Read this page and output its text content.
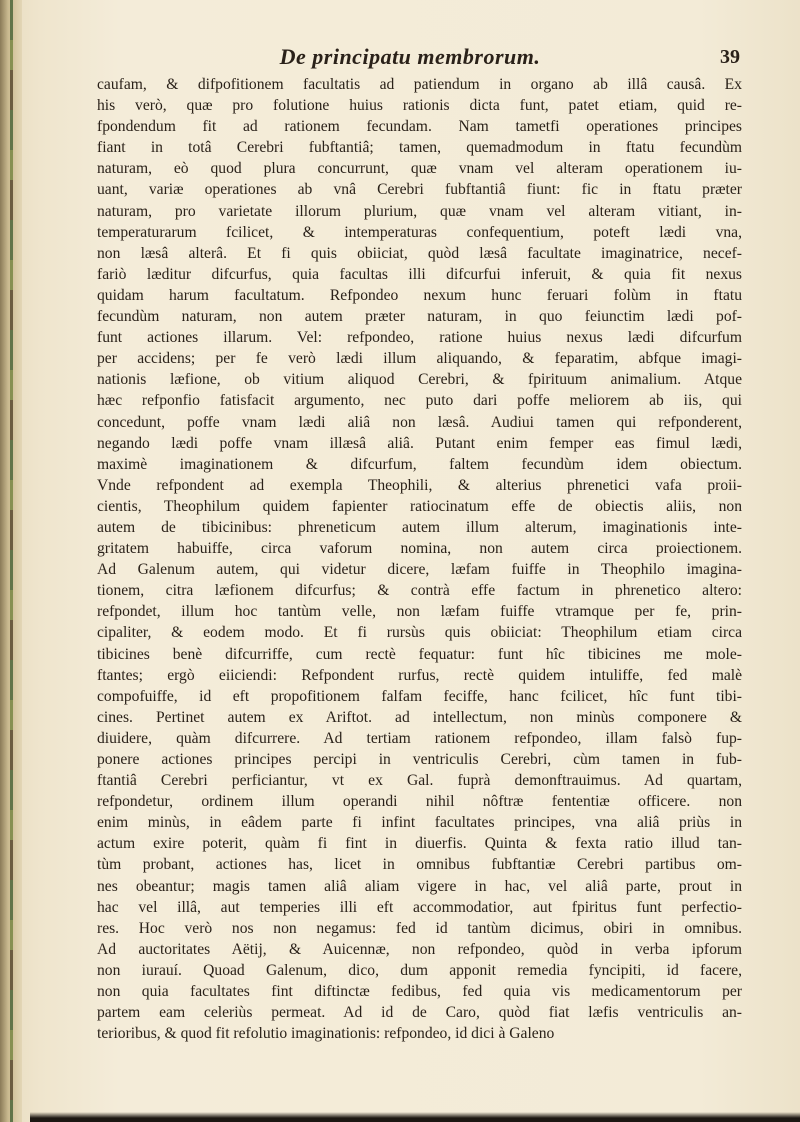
De principatu membrorum.	39
caufam, & difpofitionem facultatis ad patiendum in organo ab illâ causâ. Ex
his verò, quæ pro folutione huius rationis dicta funt, patet etiam, quid re-
fpondendum fit ad rationem fecundam. Nam tametfi operationes principes
fiant in totâ Cerebri fubftantiâ; tamen, quemadmodum in ftatu fecundùm
naturam, eò quod plura concurrunt, quæ vnam vel alteram operationem iu-
uant, variæ operationes ab vnâ Cerebri fubftantiâ fiunt: fic in ftatu præter
naturam, pro varietate illorum plurium, quæ vnam vel alteram vitiant, in-
temperaturarum fcilicet, & intemperaturas confequentium, poteft lædi vna,
non læsâ alterâ. Et fi quis obiiciat, quòd læsâ facultate imaginatrice, necef-
fariò læditur difcurfus, quia facultas illi difcurfui inferuit, & quia fit nexus
quidam harum facultatum. Refpondeo nexum hunc feruari folùm in ftatu
fecundùm naturam, non autem præter naturam, in quo feiunctim lædi pof-
funt actiones illarum. Vel: refpondeo, ratione huius nexus lædi difcurfum
per accidens; per fe verò lædi illum aliquando, & feparatim, abfque imagi-
nationis læfione, ob vitium aliquod Cerebri, & fpirituum animalium. Atque
hæc refponfio fatisfacit argumento, nec puto dari poffe meliorem ab iis, qui
concedunt, poffe vnam lædi aliâ non læsâ. Audiui tamen qui refponderent,
negando lædi poffe vnam illæsâ aliâ. Putant enim femper eas fimul lædi,
maximè imaginationem & difcurfum, faltem fecundùm idem obiectum.
Vnde refpondent ad exempla Theophili, & alterius phrenetici vafa proii-
cientis, Theophilum quidem fapienter ratiocinatum effe de obiectis aliis, non
autem de tibicinibus: phreneticum autem illum alterum, imaginationis inte-
gritatem habuiffe, circa vaforum nomina, non autem circa proiectionem.
Ad Galenum autem, qui videtur dicere, læfam fuiffe in Theophilo imagina-
tionem, citra læfionem difcurfus; & contrà effe factum in phrenetico altero:
refpondet, illum hoc tantùm velle, non læfam fuiffe vtramque per fe, prin-
cipaliter, & eodem modo. Et fi rursùs quis obiiciat: Theophilum etiam circa
tibicines benè difcurriffe, cum rectè fequatur: funt hîc tibicines me mole-
ftantes; ergò eiiciendi: Refpondent rurfus, rectè quidem intuliffe, fed malè
compofuiffe, id eft propofitionem falfam feciffe, hanc fcilicet, hîc funt tibi-
cines. Pertinet autem ex Ariftot. ad intellectum, non minùs componere &
diuidere, quàm difcurrere. Ad tertiam rationem refpondeo, illam falsò fup-
ponere actiones principes percipi in ventriculis Cerebri, cùm tamen in fub-
ftantiâ Cerebri perficiantur, vt ex Gal. fuprà demonftrauimus. Ad quartam,
refpondetur, ordinem illum operandi nihil nôftræ fententiæ officere. non
enim minùs, in eâdem parte fi infint facultates principes, vna aliâ priùs in
actum exire poterit, quàm fi fint in diuerfis. Quinta & fexta ratio illud tan-
tùm probant, actiones has, licet in omnibus fubftantiæ Cerebri partibus om-
nes obeantur; magis tamen aliâ aliam vigere in hac, vel aliâ parte, prout in
hac vel illâ, aut temperies illi eft accommodatior, aut fpiritus funt perfectio-
res. Hoc verò nos non negamus: fed id tantùm dicimus, obiri in omnibus.
Ad auctoritates Aëtij, & Auicennæ, non refpondeo, quòd in verba ipforum
non iurauí. Quoad Galenum, dico, dum apponit remedia fyncipiti, id facere,
non quia facultates fint diftinctæ fedibus, fed quia vis medicamentorum per
partem eam celeriùs permeat. Ad id de Caro, quòd fiat læfis ventriculis an-
terioribus, & quod fit refolutio imaginationis: refpondeo, id dici à Galeno
